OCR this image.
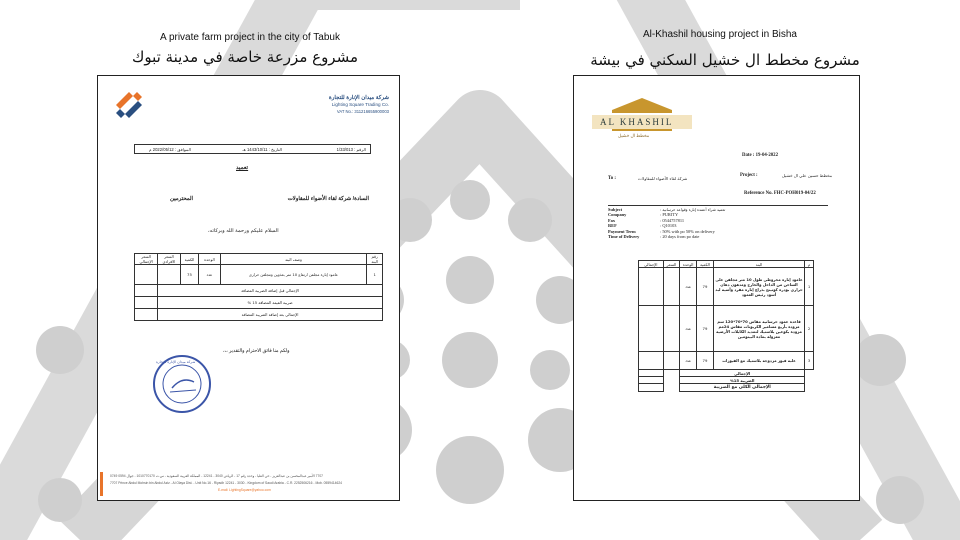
A private farm project in the city of Tabuk
مشروع مزرعة خاصة في مدينة تبوك
Al-Khashil housing project in Bisha
مشروع مخطط ال خشيل السكني في بيشة
شركة ميدان الإنارة للتجارة
Lighting Square Trading Co.
VAT No.: 311216655900003
الرقم : 1/33/013
التاريخ : 1443/10/11 هـ
الموافق : 2022/05/12 م
تعميد
السادة/ شركة لقاء الأضواء للمقاولات
المحترمين
السلام عليكم ورحمة الله وبركاته،
السعر الإجمالي	السعر الافرادي	الكمية	الوحدة	وصف البند	رقم البند
		75	عدد	عامود إنارة مجلفن ارتفاع 10 متر بعذوين ومجلفن حراري	1
	الإجمالي قبل إضافة الضريبة المضافة				
	ضريبة القيمة المضافة 15 %				
	الإجمالي بعد إضافة الضريبة المضافة				
ولكم منا فائق الاحترام والتقدير ،،،
شركة ميدان الإنارة للتجارة
7707 الأمير عبدالمحسن بن عبدالعزيز - حي العليا - وحدة رقم 17 - الرياض 3040 - 12241 - المملكة العربية السعودية - س.ت 1010770170 - جوال 0594 0749
7707 Prince Abdul Mohsin bin Abdul Aziz - Al Olaya Dist. - Unit No.16 - Riyadh 12241 - 3030 - Kingdom of Saudi Arabia - C.R. 2252506216 - Mob. 0559414624
E-mail: LightingSquare@yahoo.com
AL KHASHIL
مخطط ال خشيل
Date : 19-04-2022
Project :	مخطط حسين علي ال خشيل
To :	شركة لقاء الأضواء للمقاولات
Reference No. FHC-POH019-04/22
Subject	: تعميد شراء أعمدة إنارة وقواعد خرسانية
Company	: PURITY
Fax	: 0544757811
REF	: Q10103
Payment Term	: 50% with po 50% on delivery
Time of Delivery	: 20 days from po date
الإجمالي	السعر	الوحدة	الكمية	البند	م
		عدد	79	عامود إنارة مخروطي طول 10 متر مجلفن على الساخن من الداخل والخارج ومدهون دهان حراري بودرة كوتينج بذراع إنارة مفرد وأسية لبد أسود رئيس العمود	1
		عدد	79	قاعدة عمود خرسانية مقاس 70*70*120 سم مزودة بأربع مسامير الكربونات مقاس 24مم مزودة بكوعين بلاستيك لتمديد الكابلات الأرضية معزولة بمادة البيتومين	2
		عدد	79	علبة فيوز مزدوجة بلاستيك مع الفيوزات	3
		الإجمالي			
		الضريبة 15%			
		الإجمالي الكلي مع الضريبة			
